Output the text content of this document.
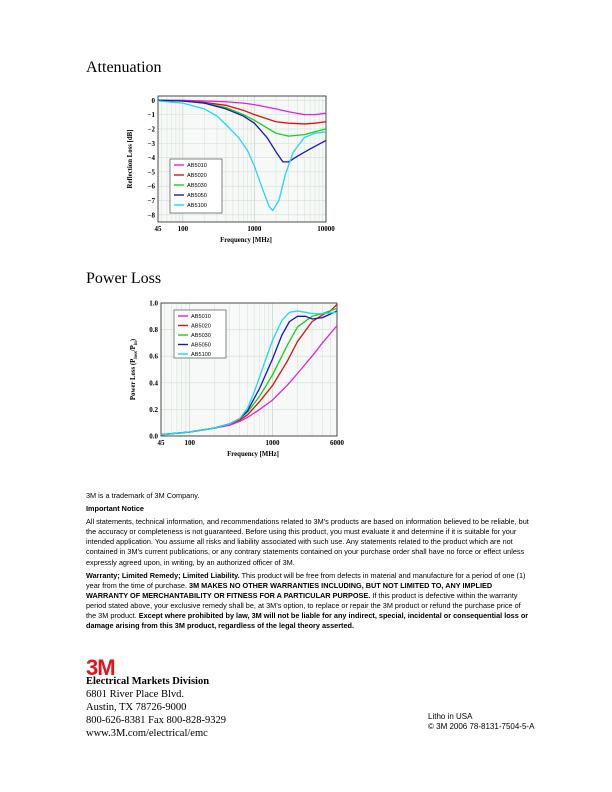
Attenuation
45 100	1000	10000
0
−1
−2
−3
−4
−5
−6
−7
−8
Frequency [MHz]
Reflection Loss [dB]	AB5010
AB5020
AB5030
AB5050
AB5100
Power Loss
45	100	1000	6000
0.0
0.2
0.4
0.6
0.8
1.0
Frequency [MHz]
Power Loss $(P_{loss}/P_{in})$
AB5010
AB5020
AB5030
AB5050
AB5100

3M is a trademark of 3M Company.

Important Notice

All statements, technical information, and recommendations related to 3M’s products are based on information believed to be reliable, but the accuracy or completeness is not guaranteed. Before using this product, you must evaluate it and determine if it is suitable for your intended application. You assume all risks and liability associated with such use. Any statements related to the product which are not contained in 3M’s current publications, or any contrary statements contained on your purchase order shall have no force or effect unless expressly agreed upon, in writing, by an authorized officer of 3M.

Warranty; Limited Remedy; Limited Liability. This product will be free from defects in material and manufacture for a period of one (1) year from the time of purchase. 3M MAKES NO OTHER WARRANTIES INCLUDING, BUT NOT LIMITED TO, ANY IMPLIED WARRANTY OF MERCHANTABILITY OR FITNESS FOR A PARTICULAR PURPOSE. If this product is defective within the warranty period stated above, your exclusive remedy shall be, at 3M’s option, to replace or repair the 3M product or refund the purchase price of the 3M product. Except where prohibited by law, 3M will not be liable for any indirect, special, incidental or consequential loss or damage arising from this 3M product, regardless of the legal theory asserted.

3M
Electrical Markets Division
6801 River Place Blvd.
Austin, TX 78726-9000
800-626-8381 Fax 800-828-9329
www.3M.com/electrical/emc
Litho in USA
© 3M 2006 78-8131-7504-5-A
